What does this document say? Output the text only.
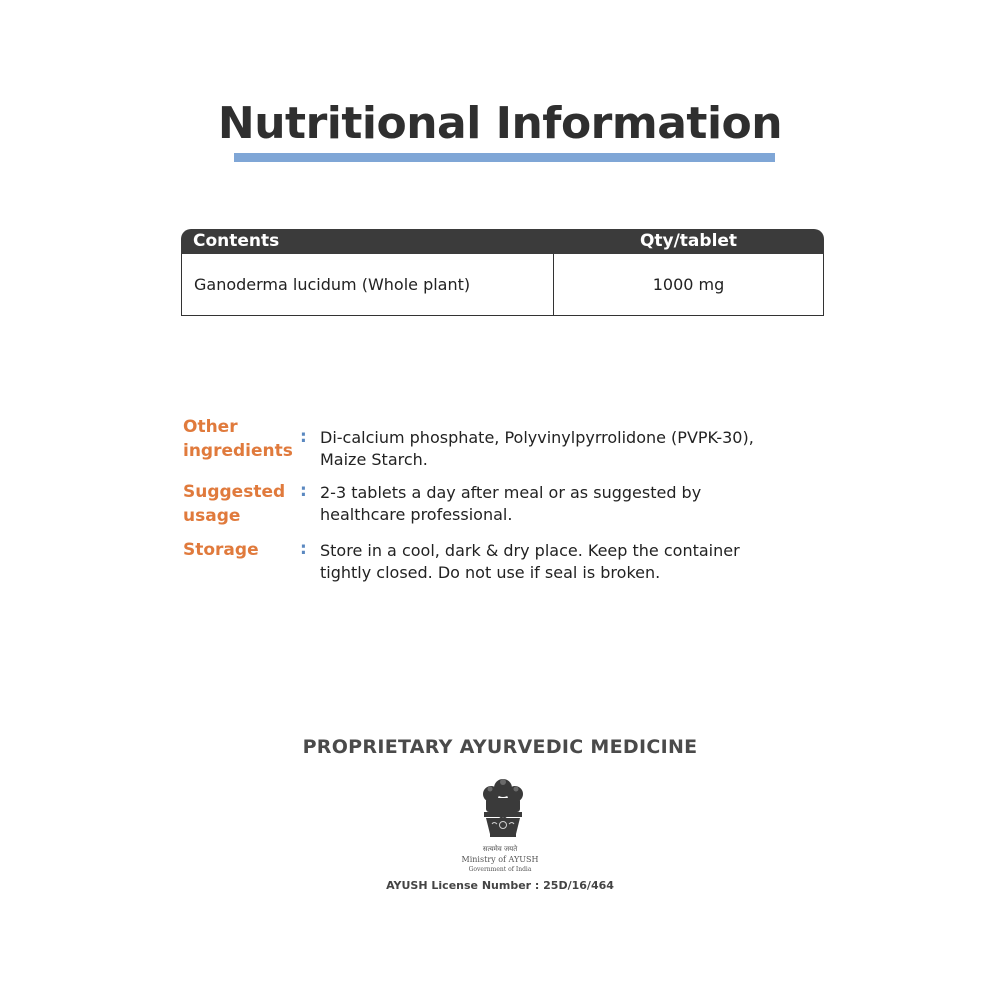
Nutritional Information
Contents	Qty/tablet
Ganoderma lucidum (Whole plant)	1000 mg
Other
ingredients
: Di-calcium phosphate, Polyvinylpyrrolidone (PVPK-30),
Maize Starch.
Suggested
usage
: 2-3 tablets a day after meal or as suggested by
healthcare professional.
Storage	: Store in a cool, dark & dry place. Keep the container
tightly closed. Do not use if seal is broken.
PROPRIETARY AYURVEDIC MEDICINE
सत्यमेव जयते
Ministry of AYUSH
Government of India
AYUSH License Number : 25D/16/464
